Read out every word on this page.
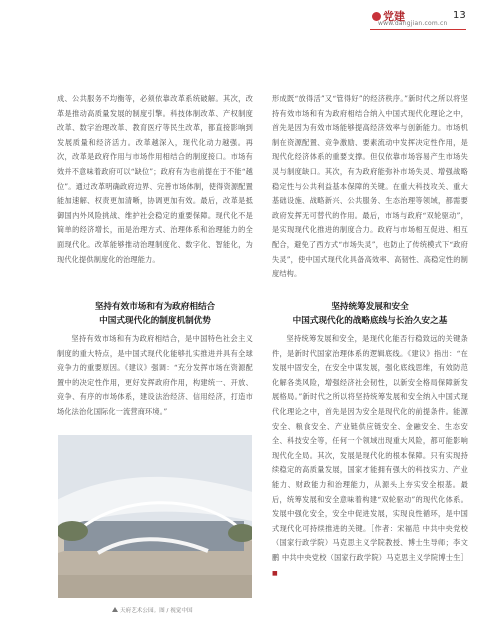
党建
www.dangjian.com.cn
13

成、公共服务不均衡等，必须依靠改革系统破解。其次，改革是推动高质量发展的制度引擎。科技体制改革、产权制度改革、数字治理改革、教育医疗等民生改革，都直接影响到发展质量和经济活力。改革越深入，现代化动力越强。再次，改革是政府作用与市场作用相结合的制度接口。市场有效并不意味着政府可以“缺位”；政府有为也前提在于不能“越位”。通过改革明确政府边界、完善市场体制，使得资源配置能加速解、权责更加清晰，协调更加有效。最后，改革是抵御国内外风险挑战、维护社会稳定的重要保障。现代化不是简单的经济增长，而是治理方式、治理体系和治理能力的全面现代化。改革能够推动治理制度化、数字化、智能化，为现代化提供制度化的治理能力。

坚持有效市场和有为政府相结合
中国式现代化的制度机制优势

坚持有效市场和有为政府相结合，是中国特色社会主义制度的重大特点，是中国式现代化能够扎实推进并具有全球竞争力的重要原因。《建议》强调：“充分发挥市场在资源配置中的决定性作用，更好发挥政府作用，构建统一、开放、竞争、有序的市场体系，建设法治经济、信用经济，打造市场化法治化国际化一流营商环境。”

天府艺术公园。图 / 视觉中国

形成既“放得活”又“管得好”的经济秩序。”新时代之所以将坚持有效市场和有为政府相结合纳入中国式现代化理论之中，首先是因为有效市场能够提高经济效率与创新能力。市场机制在资源配置、竞争激励、要素流动中发挥决定性作用，是现代化经济体系的重要支撑。但仅依靠市场容易产生市场失灵与制度缺口。其次，有为政府能弥补市场失灵、增强战略稳定性与公共利益基本保障的关键。在重大科技攻关、重大基础设施、战略新兴、公共服务、生态治理等领域，都需要政府发挥无可替代的作用。最后，市场与政府“双轮驱动”，是实现现代化推进的制度合力。政府与市场相互促进、相互配合，避免了西方式“市场失灵”，也防止了传统模式下“政府失灵”，使中国式现代化具备高效率、高韧性、高稳定性的制度结构。

坚持统筹发展和安全
中国式现代化的战略底线与长治久安之基

坚持统筹发展和安全，是现代化能否行稳致远的关键条件，是新时代国家治理体系的逻辑底线。《建议》指出：“在发展中固安全，在安全中谋发展，强化底线思维，有效防范化解各类风险，增强经济社会韧性，以新安全格局保障新发展格局。”新时代之所以将坚持统筹发展和安全纳入中国式现代化理论之中，首先是因为安全是现代化的前提条件。能源安全、粮食安全、产业链供应链安全、金融安全、生态安全、科技安全等，任何一个领域出现重大风险，都可能影响现代化全局。其次，发展是现代化的根本保障。只有实现持续稳定的高质量发展，国家才能拥有强大的科技实力、产业能力、财政能力和治理能力，从源头上夯实安全根基。最后，统筹发展和安全意味着构建“双轮驱动”的现代化体系。发展中强化安全，安全中促进发展，实现良性循环，是中国式现代化可持续推进的关键。［作者：宋福范 中共中央党校（国家行政学院）马克思主义学院教授、博士生导师；李文鹏 中共中央党校（国家行政学院）马克思主义学院博士生］ ■
